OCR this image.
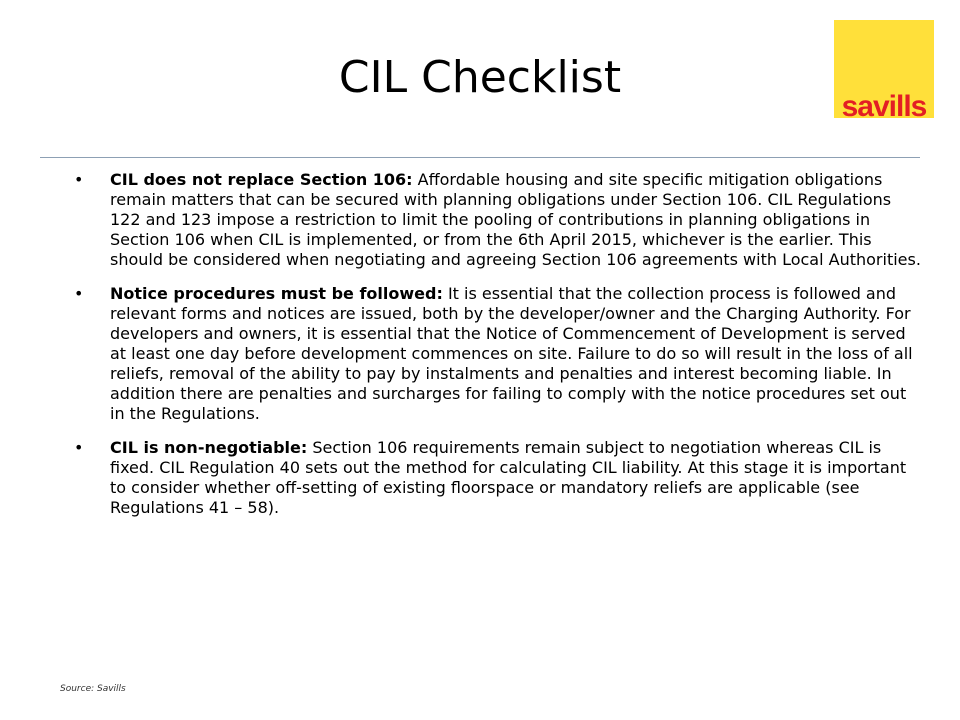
CIL Checklist
savills
• CIL does not replace Section 106: Affordable housing and site specific mitigation obligations remain matters that can be secured with planning obligations under Section 106. CIL Regulations 122 and 123 impose a restriction to limit the pooling of contributions in planning obligations in Section 106 when CIL is implemented, or from the 6th April 2015, whichever is the earlier. This should be considered when negotiating and agreeing Section 106 agreements with Local Authorities.
• Notice procedures must be followed: It is essential that the collection process is followed and relevant forms and notices are issued, both by the developer/owner and the Charging Authority. For developers and owners, it is essential that the Notice of Commencement of Development is served at least one day before development commences on site. Failure to do so will result in the loss of all reliefs, removal of the ability to pay by instalments and penalties and interest becoming liable. In addition there are penalties and surcharges for failing to comply with the notice procedures set out in the Regulations.
• CIL is non-negotiable: Section 106 requirements remain subject to negotiation whereas CIL is fixed. CIL Regulation 40 sets out the method for calculating CIL liability. At this stage it is important to consider whether off-setting of existing floorspace or mandatory reliefs are applicable (see Regulations 41 – 58).
Source: Savills
